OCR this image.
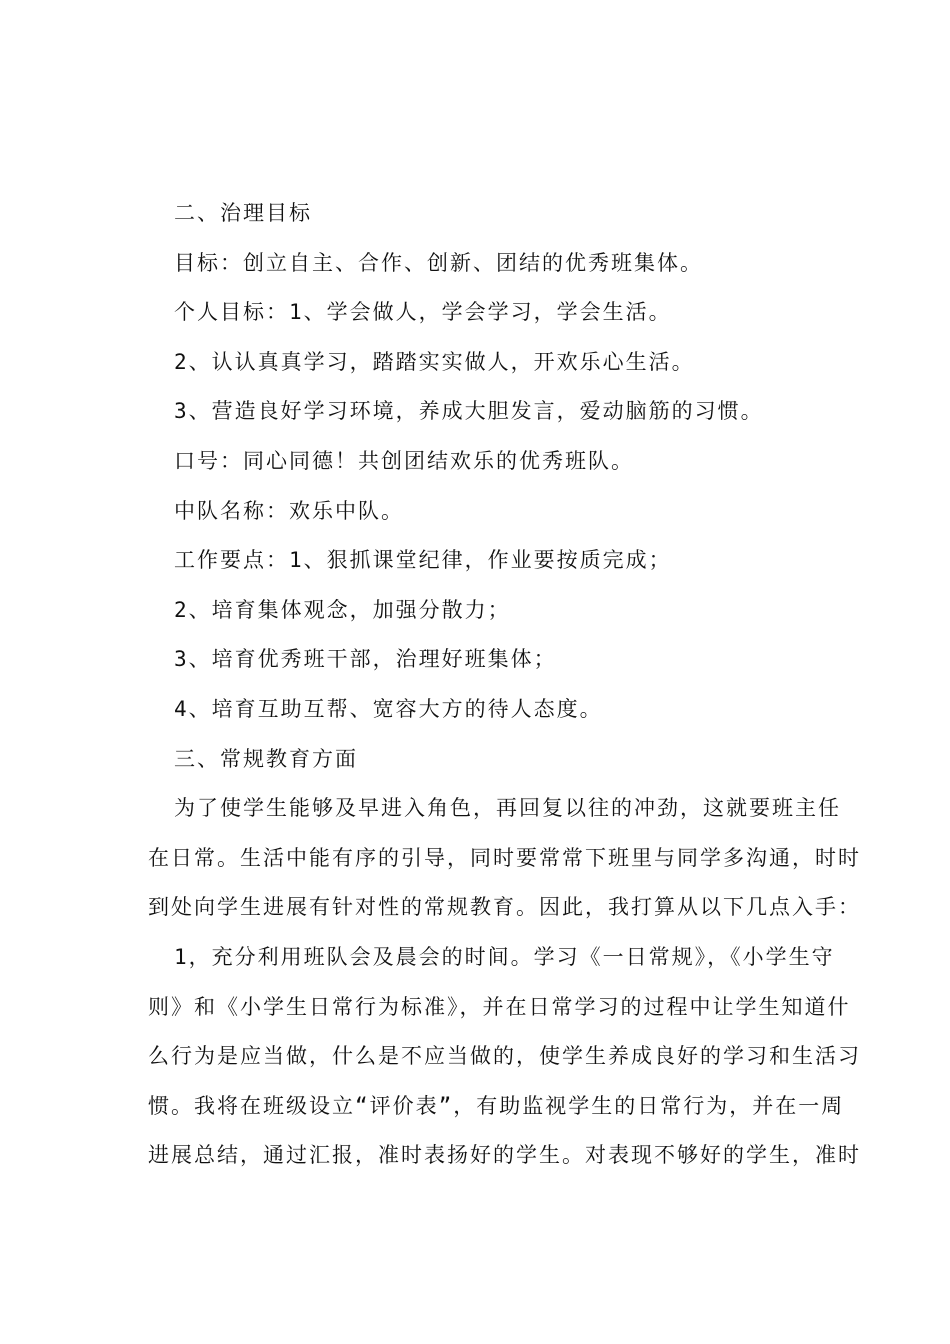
二、治理目标
目标：创立自主、合作、创新、团结的优秀班集体。
个人目标：1、学会做人，学会学习，学会生活。
2、认认真真学习，踏踏实实做人，开欢乐心生活。
3、营造良好学习环境，养成大胆发言，爱动脑筋的习惯。
口号：同心同德！共创团结欢乐的优秀班队。
中队名称：欢乐中队。
工作要点：1、狠抓课堂纪律，作业要按质完成；
2、培育集体观念，加强分散力；
3、培育优秀班干部，治理好班集体；
4、培育互助互帮、宽容大方的待人态度。
三、常规教育方面
为了使学生能够及早进入角色，再回复以往的冲劲，这就要班主任
在日常。生活中能有序的引导，同时要常常下班里与同学多沟通，时时
到处向学生进展有针对性的常规教育。因此，我打算从以下几点入手：
1，充分利用班队会及晨会的时间。学习《一日常规》，《小学生守
则》和《小学生日常行为标准》，并在日常学习的过程中让学生知道什
么行为是应当做，什么是不应当做的，使学生养成良好的学习和生活习
惯。我将在班级设立“评价表”，有助监视学生的日常行为，并在一周
进展总结，通过汇报，准时表扬好的学生。对表现不够好的学生，准时
